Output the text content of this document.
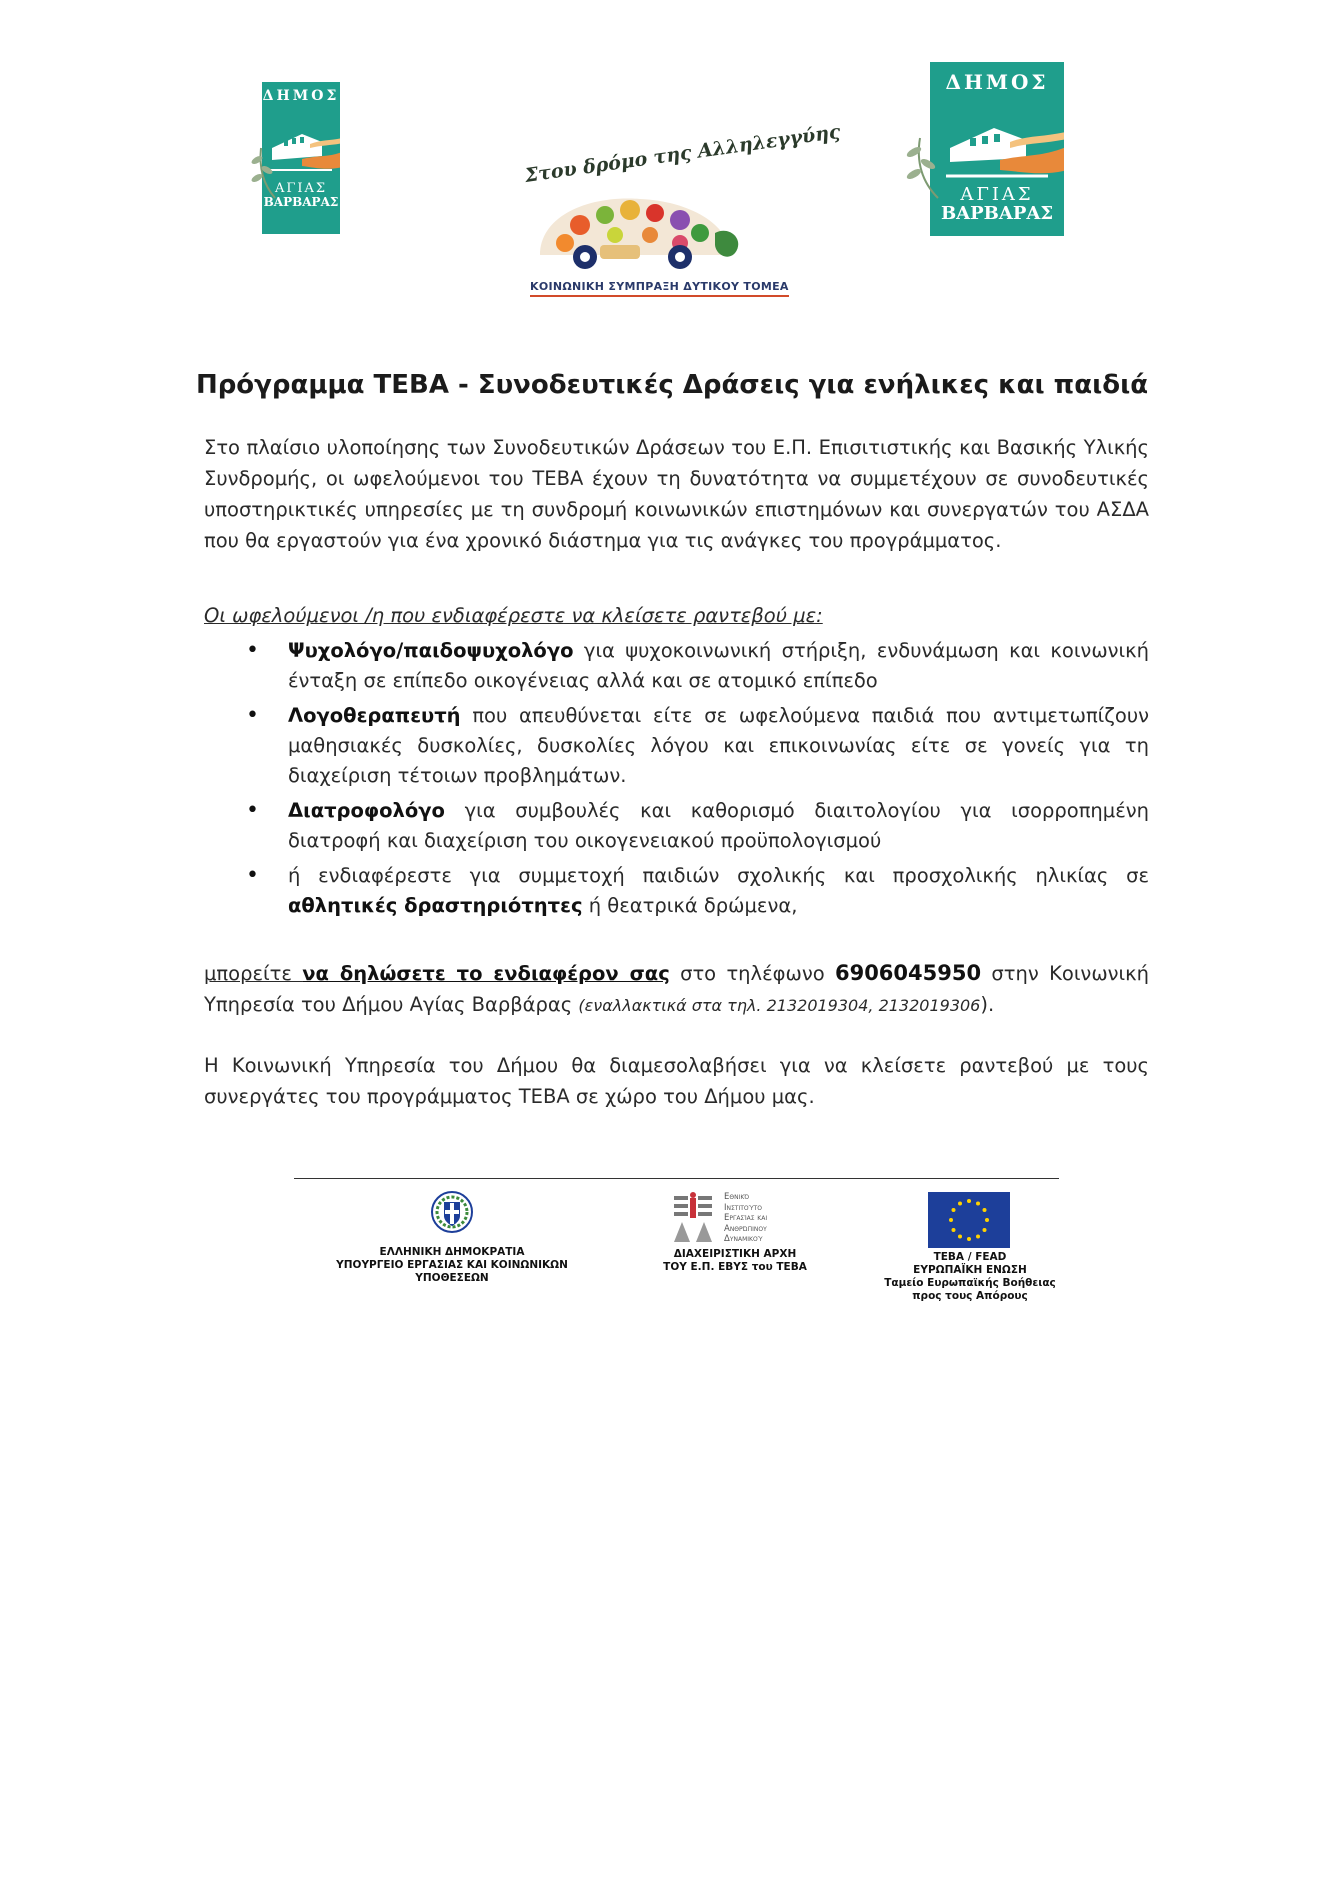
ΔΗΜΟΣ
ΑΓΙΑΣ
ΒΑΡΒΑΡΑΣ
Στου δρόμο της Αλληλεγγύης
ΚΟΙΝΩΝΙΚΗ ΣΥΜΠΡΑΞΗ ΔΥΤΙΚΟΥ ΤΟΜΕΑ
ΔΗΜΟΣ
ΑΓΙΑΣ
ΒΑΡΒΑΡΑΣ
Πρόγραμμα ΤΕΒΑ - Συνοδευτικές Δράσεις για ενήλικες και παιδιά
Στο πλαίσιο υλοποίησης των Συνοδευτικών Δράσεων του Ε.Π. Επισιτιστικής και Βασικής Υλικής Συνδρομής, οι ωφελούμενοι του ΤΕΒΑ έχουν τη δυνατότητα να συμμετέχουν σε συνοδευτικές υποστηρικτικές υπηρεσίες με τη συνδρομή κοινωνικών επιστημόνων και συνεργατών του ΑΣΔΑ που θα εργαστούν για ένα χρονικό διάστημα για τις ανάγκες του προγράμματος.
Οι ωφελούμενοι /η που ενδιαφέρεστε να κλείσετε ραντεβού με:
• Ψυχολόγο/παιδοψυχολόγο για ψυχοκοινωνική στήριξη, ενδυνάμωση και κοινωνική ένταξη σε επίπεδο οικογένειας αλλά και σε ατομικό επίπεδο
• Λογοθεραπευτή που απευθύνεται είτε σε ωφελούμενα παιδιά που αντιμετωπίζουν μαθησιακές δυσκολίες, δυσκολίες λόγου και επικοινωνίας είτε σε γονείς για τη διαχείριση τέτοιων προβλημάτων.
• Διατροφολόγο για συμβουλές και καθορισμό διαιτολογίου για ισορροπημένη διατροφή και διαχείριση του οικογενειακού προϋπολογισμού
• ή ενδιαφέρεστε για συμμετοχή παιδιών σχολικής και προσχολικής ηλικίας σε αθλητικές δραστηριότητες ή θεατρικά δρώμενα,
μπορείτε να δηλώσετε το ενδιαφέρον σας στο τηλέφωνο 6906045950 στην Κοινωνική Υπηρεσία του Δήμου Αγίας Βαρβάρας (εναλλακτικά στα τηλ. 2132019304, 2132019306).
Η Κοινωνική Υπηρεσία του Δήμου θα διαμεσολαβήσει για να κλείσετε ραντεβού με τους συνεργάτες του προγράμματος ΤΕΒΑ σε χώρο του Δήμου μας.
ΕΛΛΗΝΙΚΗ ΔΗΜΟΚΡΑΤΙΑ
ΥΠΟΥΡΓΕΙΟ ΕΡΓΑΣΙΑΣ ΚΑΙ ΚΟΙΝΩΝΙΚΩΝ
ΥΠΟΘΕΣΕΩΝ
Εθνικό
Ινστιτούτο
Εργασίας και
Ανθρώπινου
Δυναμικού
ΔΙΑΧΕΙΡΙΣΤΙΚΗ ΑΡΧΗ
ΤΟΥ Ε.Π. ΕΒΥΣ του ΤΕΒΑ
ΤΕΒΑ / FEAD
ΕΥΡΩΠΑΪΚΗ ΕΝΩΣΗ
Ταμείο Ευρωπαϊκής Βοήθειας
προς τους Απόρους
